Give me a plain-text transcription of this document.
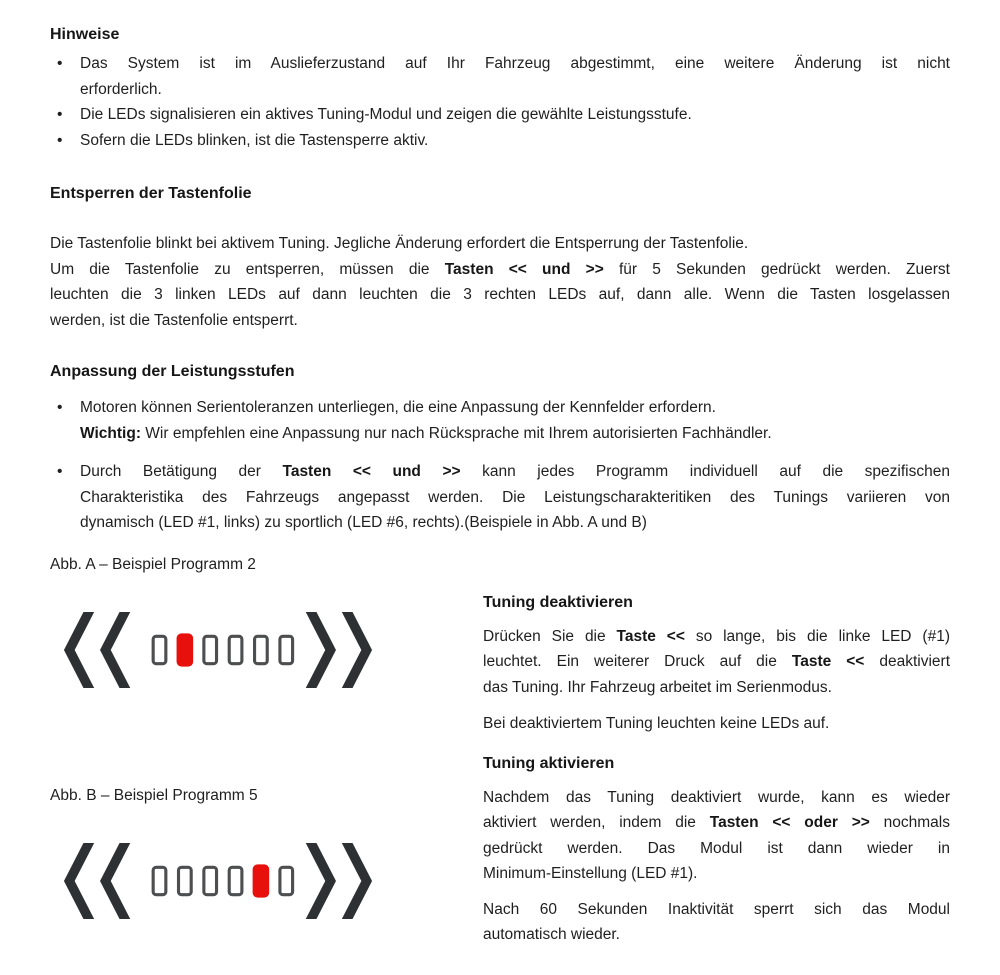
Hinweise
• Das System ist im Auslieferzustand auf Ihr Fahrzeug abgestimmt, eine weitere Änderung ist nicht
erforderlich.
• Die LEDs signalisieren ein aktives Tuning-Modul und zeigen die gewählte Leistungsstufe.
• Sofern die LEDs blinken, ist die Tastensperre aktiv.
Entsperren der Tastenfolie
Die Tastenfolie blinkt bei aktivem Tuning. Jegliche Änderung erfordert die Entsperrung der Tastenfolie.
Um die Tastenfolie zu entsperren, müssen die Tasten << und >> für 5 Sekunden gedrückt werden. Zuerst
leuchten die 3 linken LEDs auf dann leuchten die 3 rechten LEDs auf, dann alle. Wenn die Tasten losgelassen
werden, ist die Tastenfolie entsperrt.
Anpassung der Leistungsstufen
• Motoren können Serientoleranzen unterliegen, die eine Anpassung der Kennfelder erfordern.
Wichtig: Wir empfehlen eine Anpassung nur nach Rücksprache mit Ihrem autorisierten Fachhändler.
• Durch Betätigung der Tasten << und >> kann jedes Programm individuell auf die spezifischen
Charakteristika des Fahrzeugs angepasst werden. Die Leistungscharakteritiken des Tunings variieren von
dynamisch (LED #1, links) zu sportlich (LED #6, rechts).(Beispiele in Abb. A und B)

Abb. A – Beispiel Programm 2

Abb. B – Beispiel Programm 5

Tuning deaktivieren
Drücken Sie die Taste << so lange, bis die linke LED (#1)
leuchtet. Ein weiterer Druck auf die Taste << deaktiviert
das Tuning. Ihr Fahrzeug arbeitet im Serienmodus.
Bei deaktiviertem Tuning leuchten keine LEDs auf.
Tuning aktivieren
Nachdem das Tuning deaktiviert wurde, kann es wieder
aktiviert werden, indem die Tasten << oder >> nochmals
gedrückt werden. Das Modul ist dann wieder in
Minimum-Einstellung (LED #1).
Nach 60 Sekunden Inaktivität sperrt sich das Modul
automatisch wieder.
